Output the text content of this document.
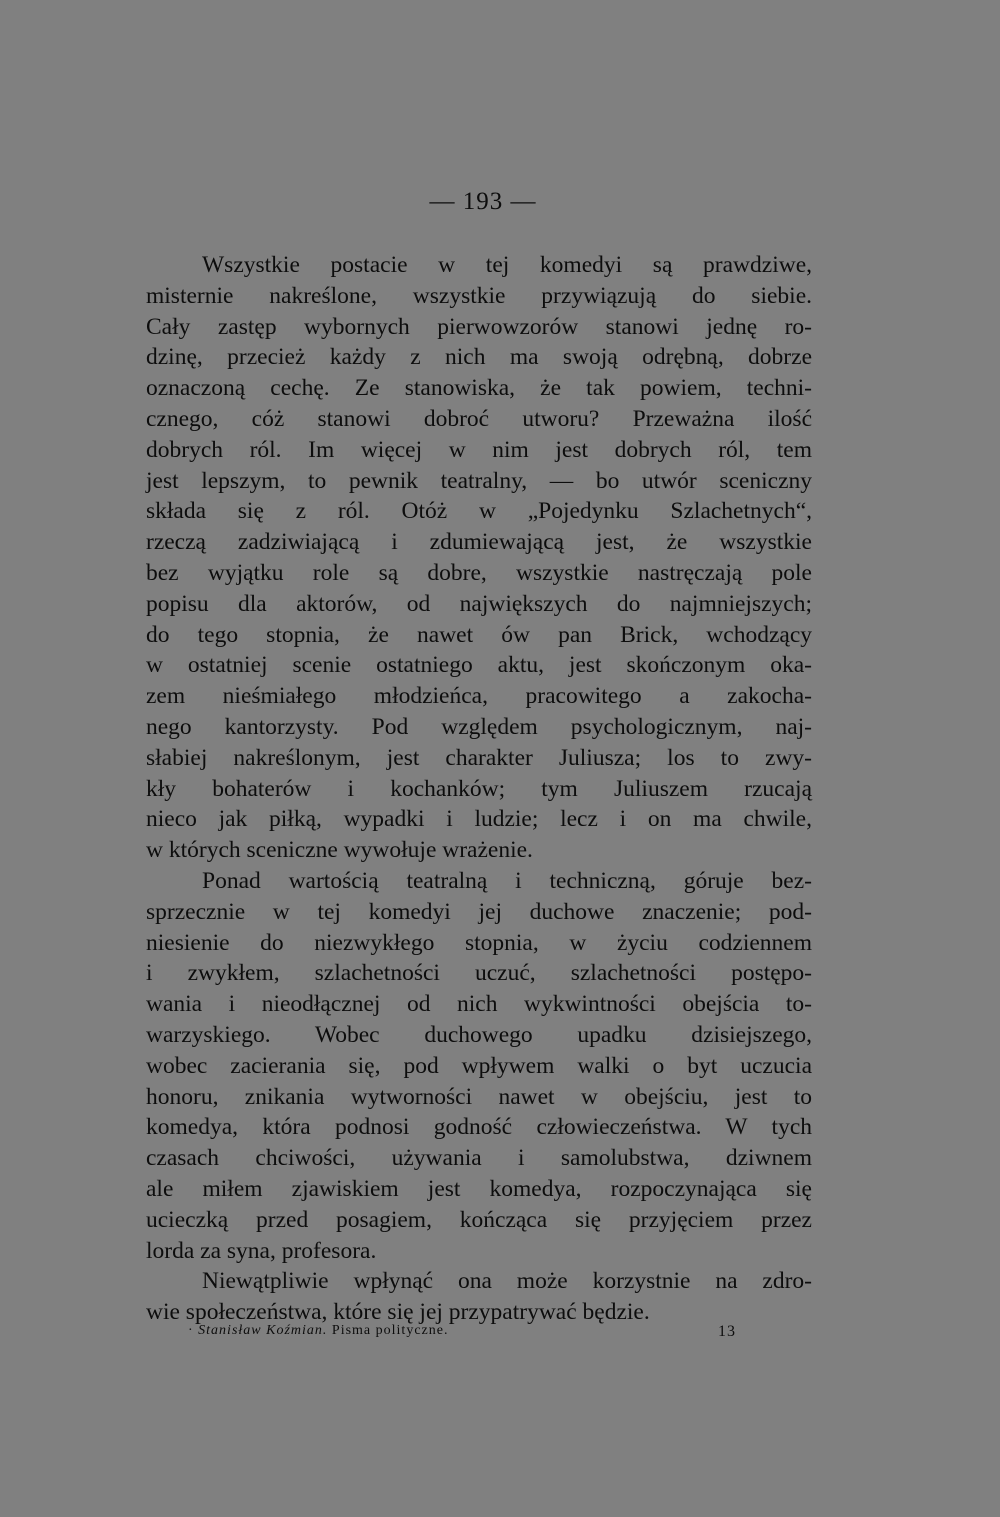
— 193 —
Wszystkie postacie w tej komedyi są prawdziwe,
misternie nakreślone, wszystkie przywiązują do siebie.
Cały zastęp wybornych pierwowzorów stanowi jednę ro-
dzinę, przecież każdy z nich ma swoją odrębną, dobrze
oznaczoną cechę. Ze stanowiska, że tak powiem, techni-
cznego, cóż stanowi dobroć utworu? Przeważna ilość
dobrych ról. Im więcej w nim jest dobrych ról, tem
jest lepszym, to pewnik teatralny, — bo utwór sceniczny
składa się z ról. Otóż w „Pojedynku Szlachetnych“,
rzeczą zadziwiającą i zdumiewającą jest, że wszystkie
bez wyjątku role są dobre, wszystkie nastręczają pole
popisu dla aktorów, od największych do najmniejszych;
do tego stopnia, że nawet ów pan Brick, wchodzący
w ostatniej scenie ostatniego aktu, jest skończonym oka-
zem nieśmiałego młodzieńca, pracowitego a zakocha-
nego kantorzysty. Pod względem psychologicznym, naj-
słabiej nakreślonym, jest charakter Juliusza; los to zwy-
kły bohaterów i kochanków; tym Juliuszem rzucają
nieco jak piłką, wypadki i ludzie; lecz i on ma chwile,
w których sceniczne wywołuje wrażenie.
Ponad wartością teatralną i techniczną, góruje bez-
sprzecznie w tej komedyi jej duchowe znaczenie; pod-
niesienie do niezwykłego stopnia, w życiu codziennem
i zwykłem, szlachetności uczuć, szlachetności postępo-
wania i nieodłącznej od nich wykwintności obejścia to-
warzyskiego. Wobec duchowego upadku dzisiejszego,
wobec zacierania się, pod wpływem walki o byt uczucia
honoru, znikania wytworności nawet w obejściu, jest to
komedya, która podnosi godność człowieczeństwa. W tych
czasach chciwości, używania i samolubstwa, dziwnem
ale miłem zjawiskiem jest komedya, rozpoczynająca się
ucieczką przed posagiem, kończąca się przyjęciem przez
lorda za syna, profesora.
Niewątpliwie wpłynąć ona może korzystnie na zdro-
wie społeczeństwa, które się jej przypatrywać będzie.
· Stanisław Koźmian. Pisma polityczne.	13
